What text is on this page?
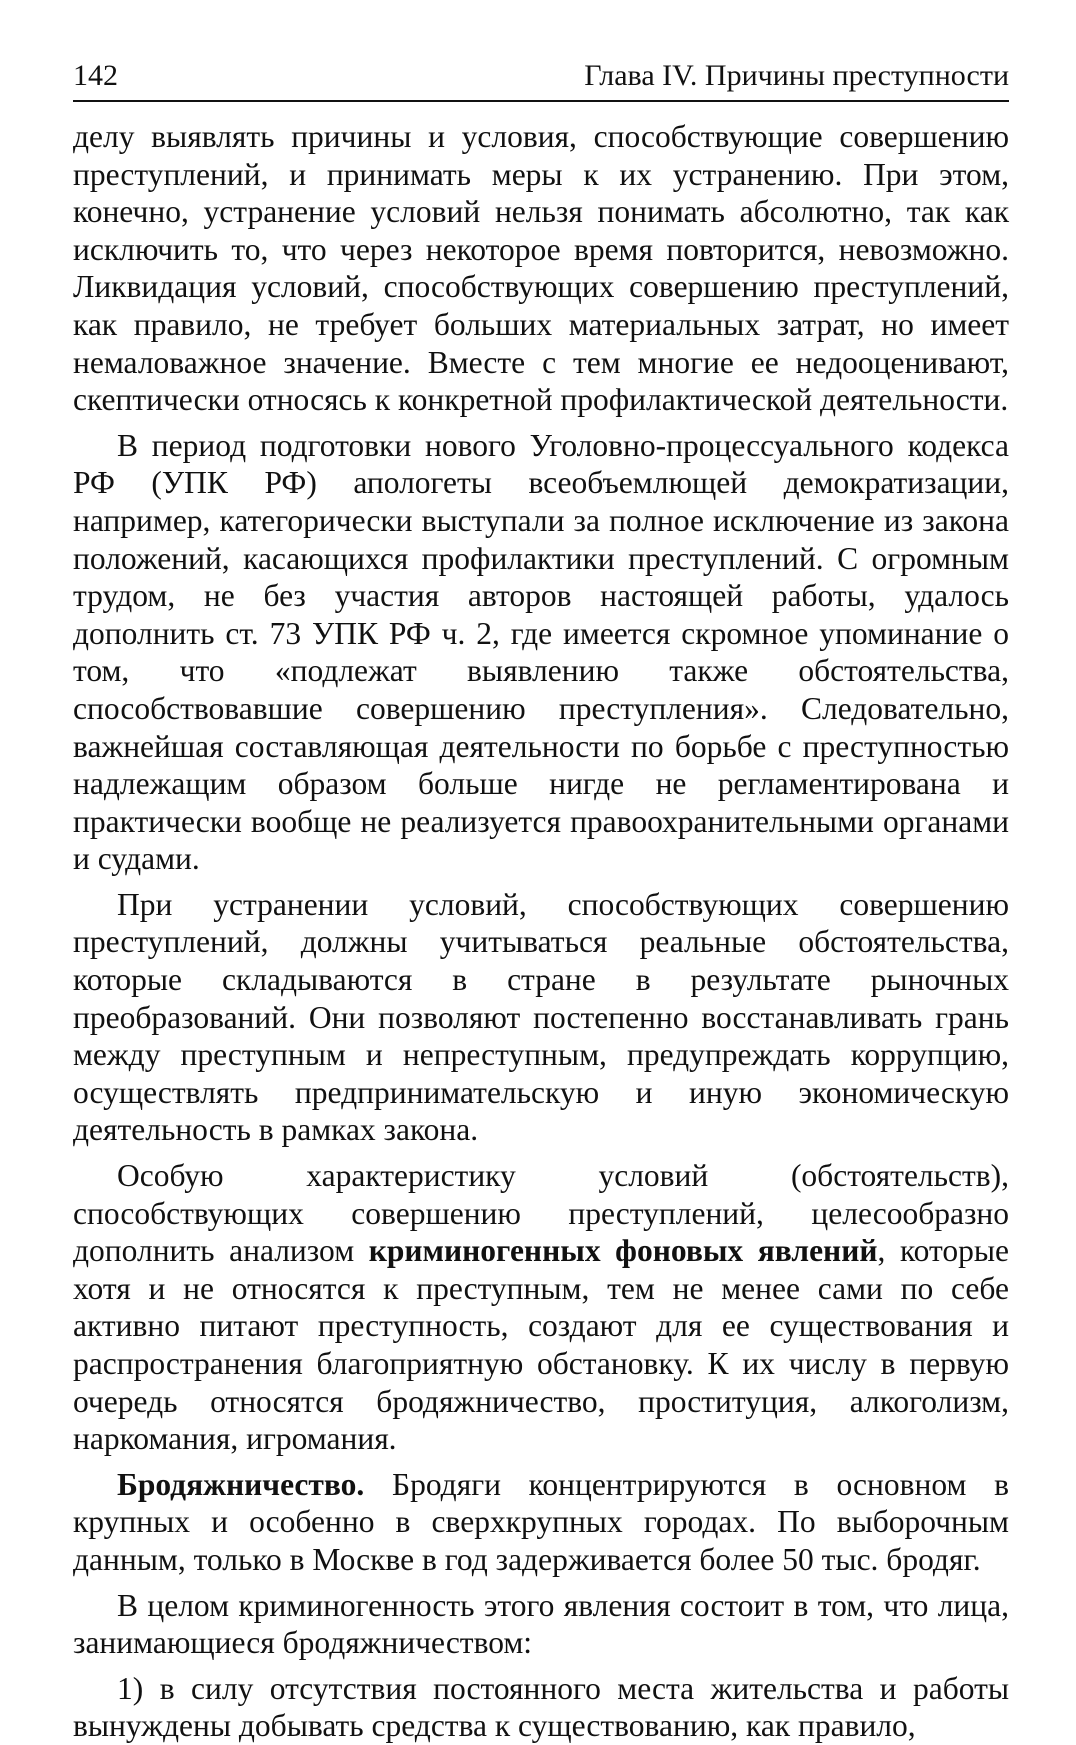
142	Глава IV. Причины преступности

делу выявлять причины и условия, способствующие совершению преступлений, и принимать меры к их устранению. При этом, конечно, устранение условий нельзя понимать абсолютно, так как исключить то, что через некоторое время повторится, невозможно. Ликвидация условий, способствующих совершению преступлений, как правило, не требует больших материальных затрат, но имеет немаловажное значение. Вместе с тем многие ее недооценивают, скептически относясь к конкретной профилактической деятельности.

В период подготовки нового Уголовно-процессуального кодекса РФ (УПК РФ) апологеты всеобъемлющей демократизации, например, категорически выступали за полное исключение из закона положений, касающихся профилактики преступлений. С огромным трудом, не без участия авторов настоящей работы, удалось дополнить ст. 73 УПК РФ ч. 2, где имеется скромное упоминание о том, что «подлежат выявлению также обстоятельства, способствовавшие совершению преступления». Следовательно, важнейшая составляющая деятельности по борьбе с преступностью надлежащим образом больше нигде не регламентирована и практически вообще не реализуется правоохранительными органами и судами.

При устранении условий, способствующих совершению преступлений, должны учитываться реальные обстоятельства, которые складываются в стране в результате рыночных преобразований. Они позволяют постепенно восстанавливать грань между преступным и непреступным, предупреждать коррупцию, осуществлять предпринимательскую и иную экономическую деятельность в рамках закона.

Особую характеристику условий (обстоятельств), способствующих совершению преступлений, целесообразно дополнить анализом криминогенных фоновых явлений, которые хотя и не относятся к преступным, тем не менее сами по себе активно питают преступность, создают для ее существования и распространения благоприятную обстановку. К их числу в первую очередь относятся бродяжничество, проституция, алкоголизм, наркомания, игромания.

Бродяжничество. Бродяги концентрируются в основном в крупных и особенно в сверхкрупных городах. По выборочным данным, только в Москве в год задерживается более 50 тыс. бродяг.

В целом криминогенность этого явления состоит в том, что лица, занимающиеся бродяжничеством:

1) в силу отсутствия постоянного места жительства и работы вынуждены добывать средства к существованию, как правило,
